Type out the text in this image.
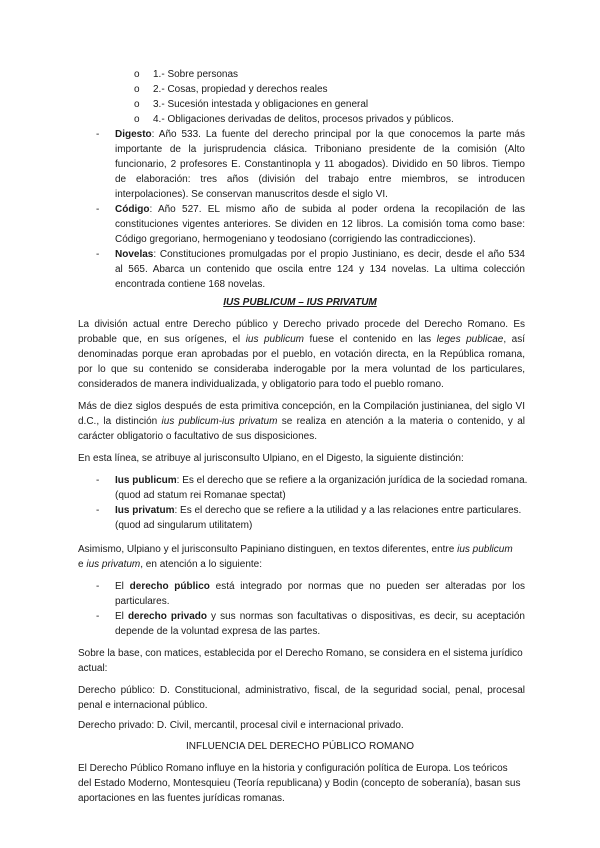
o 1.- Sobre personas
o 2.- Cosas, propiedad y derechos reales
o 3.- Sucesión intestada y obligaciones en general
o 4.- Obligaciones derivadas de delitos, procesos privados y públicos.
- Digesto: Año 533. La fuente del derecho principal por la que conocemos la parte más
importante de la jurisprudencia clásica. Triboniano presidente de la comisión (Alto
funcionario, 2 profesores E. Constantinopla y 11 abogados). Dividido en 50 libros. Tiempo
de elaboración: tres años (división del trabajo entre miembros, se introducen
interpolaciones). Se conservan manuscritos desde el siglo VI.
- Código: Año 527. EL mismo año de subida al poder ordena la recopilación de las
constituciones vigentes anteriores. Se dividen en 12 libros. La comisión toma como base:
Código gregoriano, hermogeniano y teodosiano (corrigiendo las contradicciones).
- Novelas: Constituciones promulgadas por el propio Justiniano, es decir, desde el año 534
al 565. Abarca un contenido que oscila entre 124 y 134 novelas. La ultima colección
encontrada contiene 168 novelas.
IUS PUBLICUM – IUS PRIVATUM
La división actual entre Derecho público y Derecho privado procede del Derecho Romano. Es
probable que, en sus orígenes, el ius publicum fuese el contenido en las leges publicae, así
denominadas porque eran aprobadas por el pueblo, en votación directa, en la República romana,
por lo que su contenido se consideraba inderogable por la mera voluntad de los particulares,
considerados de manera individualizada, y obligatorio para todo el pueblo romano.
Más de diez siglos después de esta primitiva concepción, en la Compilación justinianea, del siglo VI
d.C., la distinción ius publicum-ius privatum se realiza en atención a la materia o contenido, y al
carácter obligatorio o facultativo de sus disposiciones.
En esta línea, se atribuye al jurisconsulto Ulpiano, en el Digesto, la siguiente distinción:
- Ius publicum: Es el derecho que se refiere a la organización jurídica de la sociedad romana.
(quod ad statum rei Romanae spectat)
- Ius privatum: Es el derecho que se refiere a la utilidad y a las relaciones entre particulares.
(quod ad singularum utilitatem)
Asimismo, Ulpiano y el jurisconsulto Papiniano distinguen, en textos diferentes, entre ius publicum
e ius privatum, en atención a lo siguiente:
- El derecho público está integrado por normas que no pueden ser alteradas por los
particulares.
- El derecho privado y sus normas son facultativas o dispositivas, es decir, su aceptación
depende de la voluntad expresa de las partes.
Sobre la base, con matices, establecida por el Derecho Romano, se considera en el sistema jurídico
actual:
Derecho público: D. Constitucional, administrativo, fiscal, de la seguridad social, penal, procesal
penal e internacional público.
Derecho privado: D. Civil, mercantil, procesal civil e internacional privado.
INFLUENCIA DEL DERECHO PÚBLICO ROMANO
El Derecho Público Romano influye en la historia y configuración política de Europa. Los teóricos
del Estado Moderno, Montesquieu (Teoría republicana) y Bodin (concepto de soberanía), basan sus
aportaciones en las fuentes jurídicas romanas.
